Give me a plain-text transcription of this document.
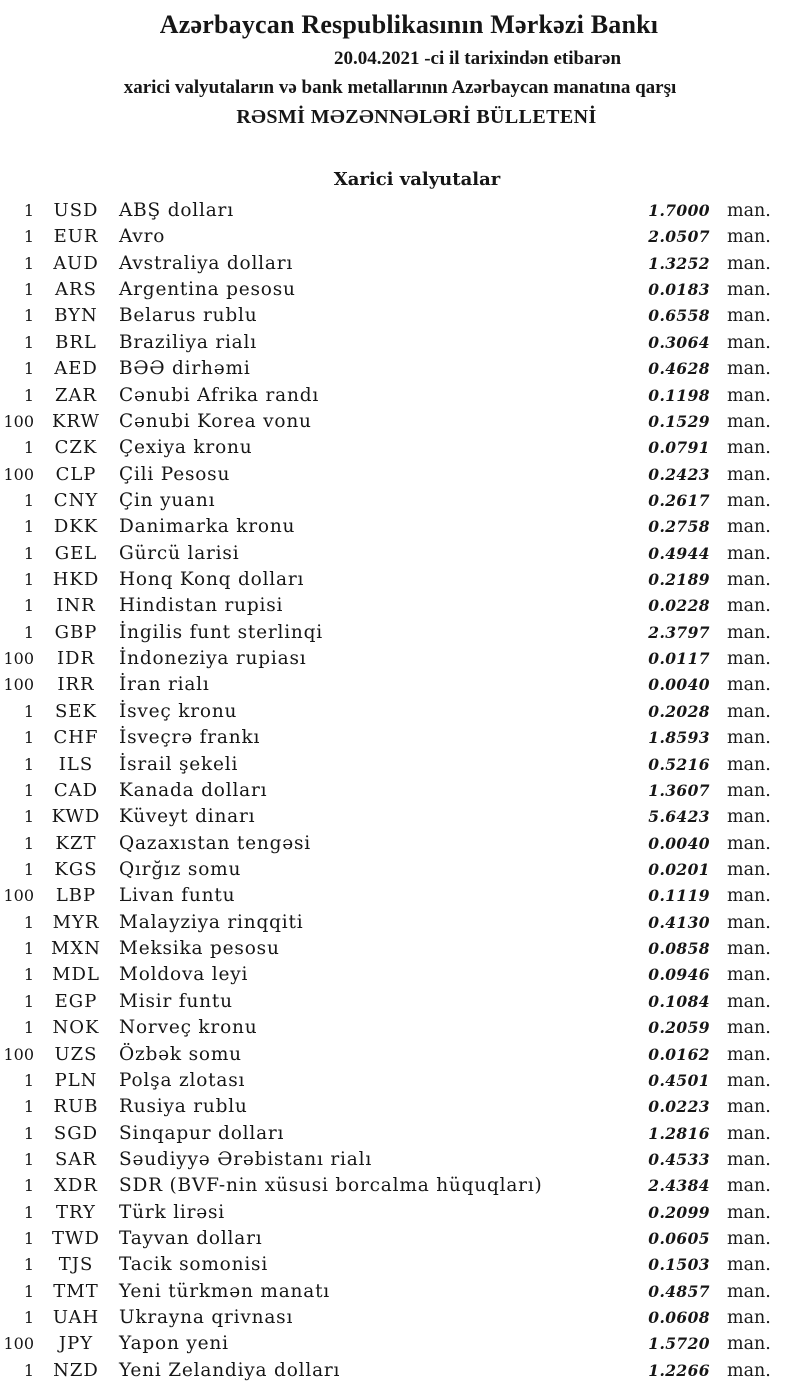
Azərbaycan Respublikasının Mərkəzi Bankı
20.04.2021 -ci il tarixindən etibarən
xarici valyutaların və bank metallarının Azərbaycan manatına qarşı
RƏSMİ MƏZƏNNƏLƏRİ BÜLLETENİ
Xarici valyutalar
1	USD	ABŞ dolları	1.7000 man.
1	EUR	Avro	2.0507 man.
1	AUD	Avstraliya dolları	1.3252 man.
1	ARS	Argentina pesosu	0.0183 man.
1	BYN	Belarus rublu	0.6558 man.
1	BRL	Braziliya rialı	0.3064 man.
1	AED	BƏƏ dirhəmi	0.4628 man.
1	ZAR	Cənubi Afrika randı	0.1198 man.
100 KRW	Cənubi Korea vonu	0.1529 man.
1	CZK	Çexiya kronu	0.0791 man.
100	CLP	Çili Pesosu	0.2423 man.
1	CNY	Çin yuanı	0.2617 man.
1	DKK	Danimarka kronu	0.2758 man.
1	GEL	Gürcü larisi	0.4944 man.
1	HKD	Honq Konq dolları	0.2189 man.
1	INR	Hindistan rupisi	0.0228 man.
1	GBP	İngilis funt sterlinqi	2.3797 man.
100	IDR	İndoneziya rupiası	0.0117 man.
100	IRR	İran rialı	0.0040 man.
1	SEK	İsveç kronu	0.2028 man.
1	CHF	İsveçrə frankı	1.8593 man.
1	ILS	İsrail şekeli	0.5216 man.
1	CAD	Kanada dolları	1.3607 man.
1 KWD	Küveyt dinarı	5.6423 man.
1	KZT	Qazaxıstan tengəsi	0.0040 man.
1	KGS	Qırğız somu	0.0201 man.
100	LBP	Livan funtu	0.1119 man.
1	MYR	Malayziya rinqqiti	0.4130 man.
1 MXN Meksika pesosu	0.0858 man.
1	MDL	Moldova leyi	0.0946 man.
1	EGP	Misir funtu	0.1084 man.
1	NOK	Norveç kronu	0.2059 man.
100	UZS	Özbək somu	0.0162 man.
1	PLN	Polşa zlotası	0.4501 man.
1	RUB	Rusiya rublu	0.0223 man.
1	SGD	Sinqapur dolları	1.2816 man.
1	SAR	Səudiyyə Ərəbistanı rialı	0.4533 man.
1	XDR	SDR (BVF-nin xüsusi borcalma hüquqları)	2.4384 man.
1	TRY	Türk lirəsi	0.2099 man.
1	TWD	Tayvan dolları	0.0605 man.
1	TJS	Tacik somonisi	0.1503 man.
1	TMT	Yeni türkmən manatı	0.4857 man.
1	UAH	Ukrayna qrivnası	0.0608 man.
100	JPY	Yapon yeni	1.5720 man.
1	NZD	Yeni Zelandiya dolları	1.2266 man.
